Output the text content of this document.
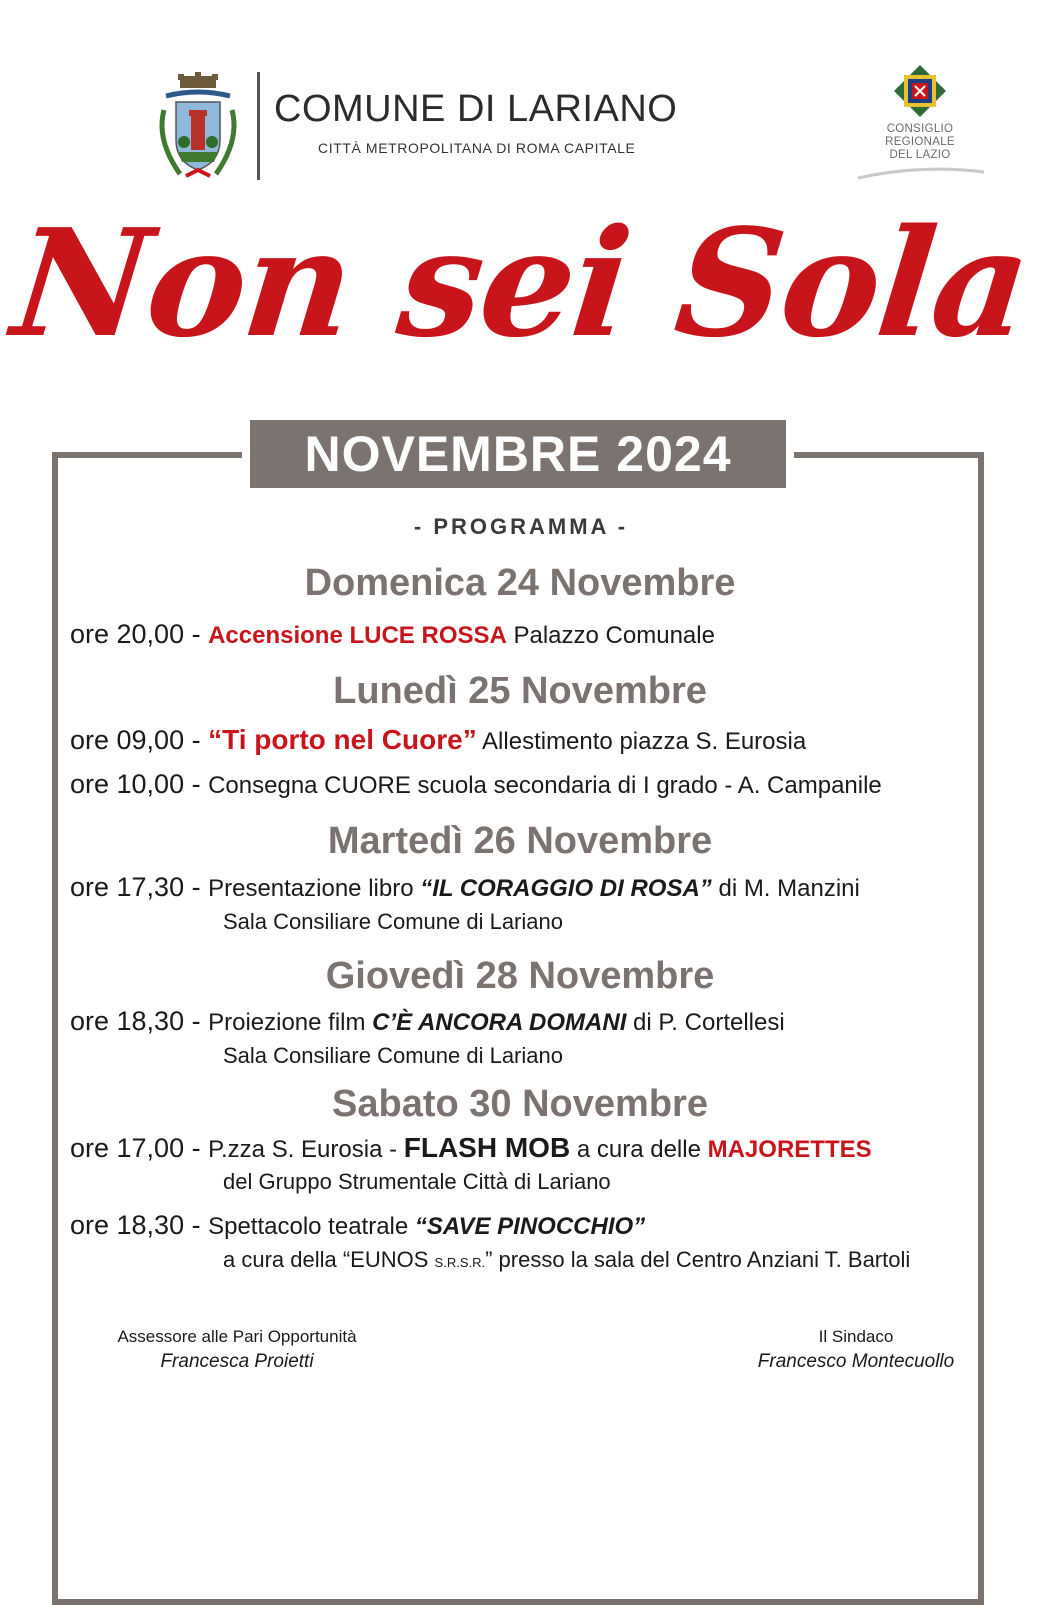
COMUNE DI LARIANO
CITTÀ METROPOLITANA DI ROMA CAPITALE
CONSIGLIO
REGIONALE
DEL LAZIO
Non sei Sola
NOVEMBRE 2024
- PROGRAMMA -
Domenica 24 Novembre
ore 20,00 - Accensione LUCE ROSSA Palazzo Comunale
Lunedì 25 Novembre
ore 09,00 - “Ti porto nel Cuore” Allestimento piazza S. Eurosia
ore 10,00 - Consegna CUORE scuola secondaria di I grado - A. Campanile
Martedì 26 Novembre
ore 17,30 - Presentazione libro “IL CORAGGIO DI ROSA” di M. Manzini
Sala Consiliare Comune di Lariano
Giovedì 28 Novembre
ore 18,30 - Proiezione film C’È ANCORA DOMANI di P. Cortellesi
Sala Consiliare Comune di Lariano
Sabato 30 Novembre
ore 17,00 - P.zza S. Eurosia - FLASH MOB a cura delle MAJORETTES
del Gruppo Strumentale Città di Lariano
ore 18,30 - Spettacolo teatrale “SAVE PINOCCHIO”
a cura della “EUNOS S.R.S.R.” presso la sala del Centro Anziani T. Bartoli
Assessore alle Pari Opportunità
Francesca Proietti
Il Sindaco
Francesco Montecuollo
